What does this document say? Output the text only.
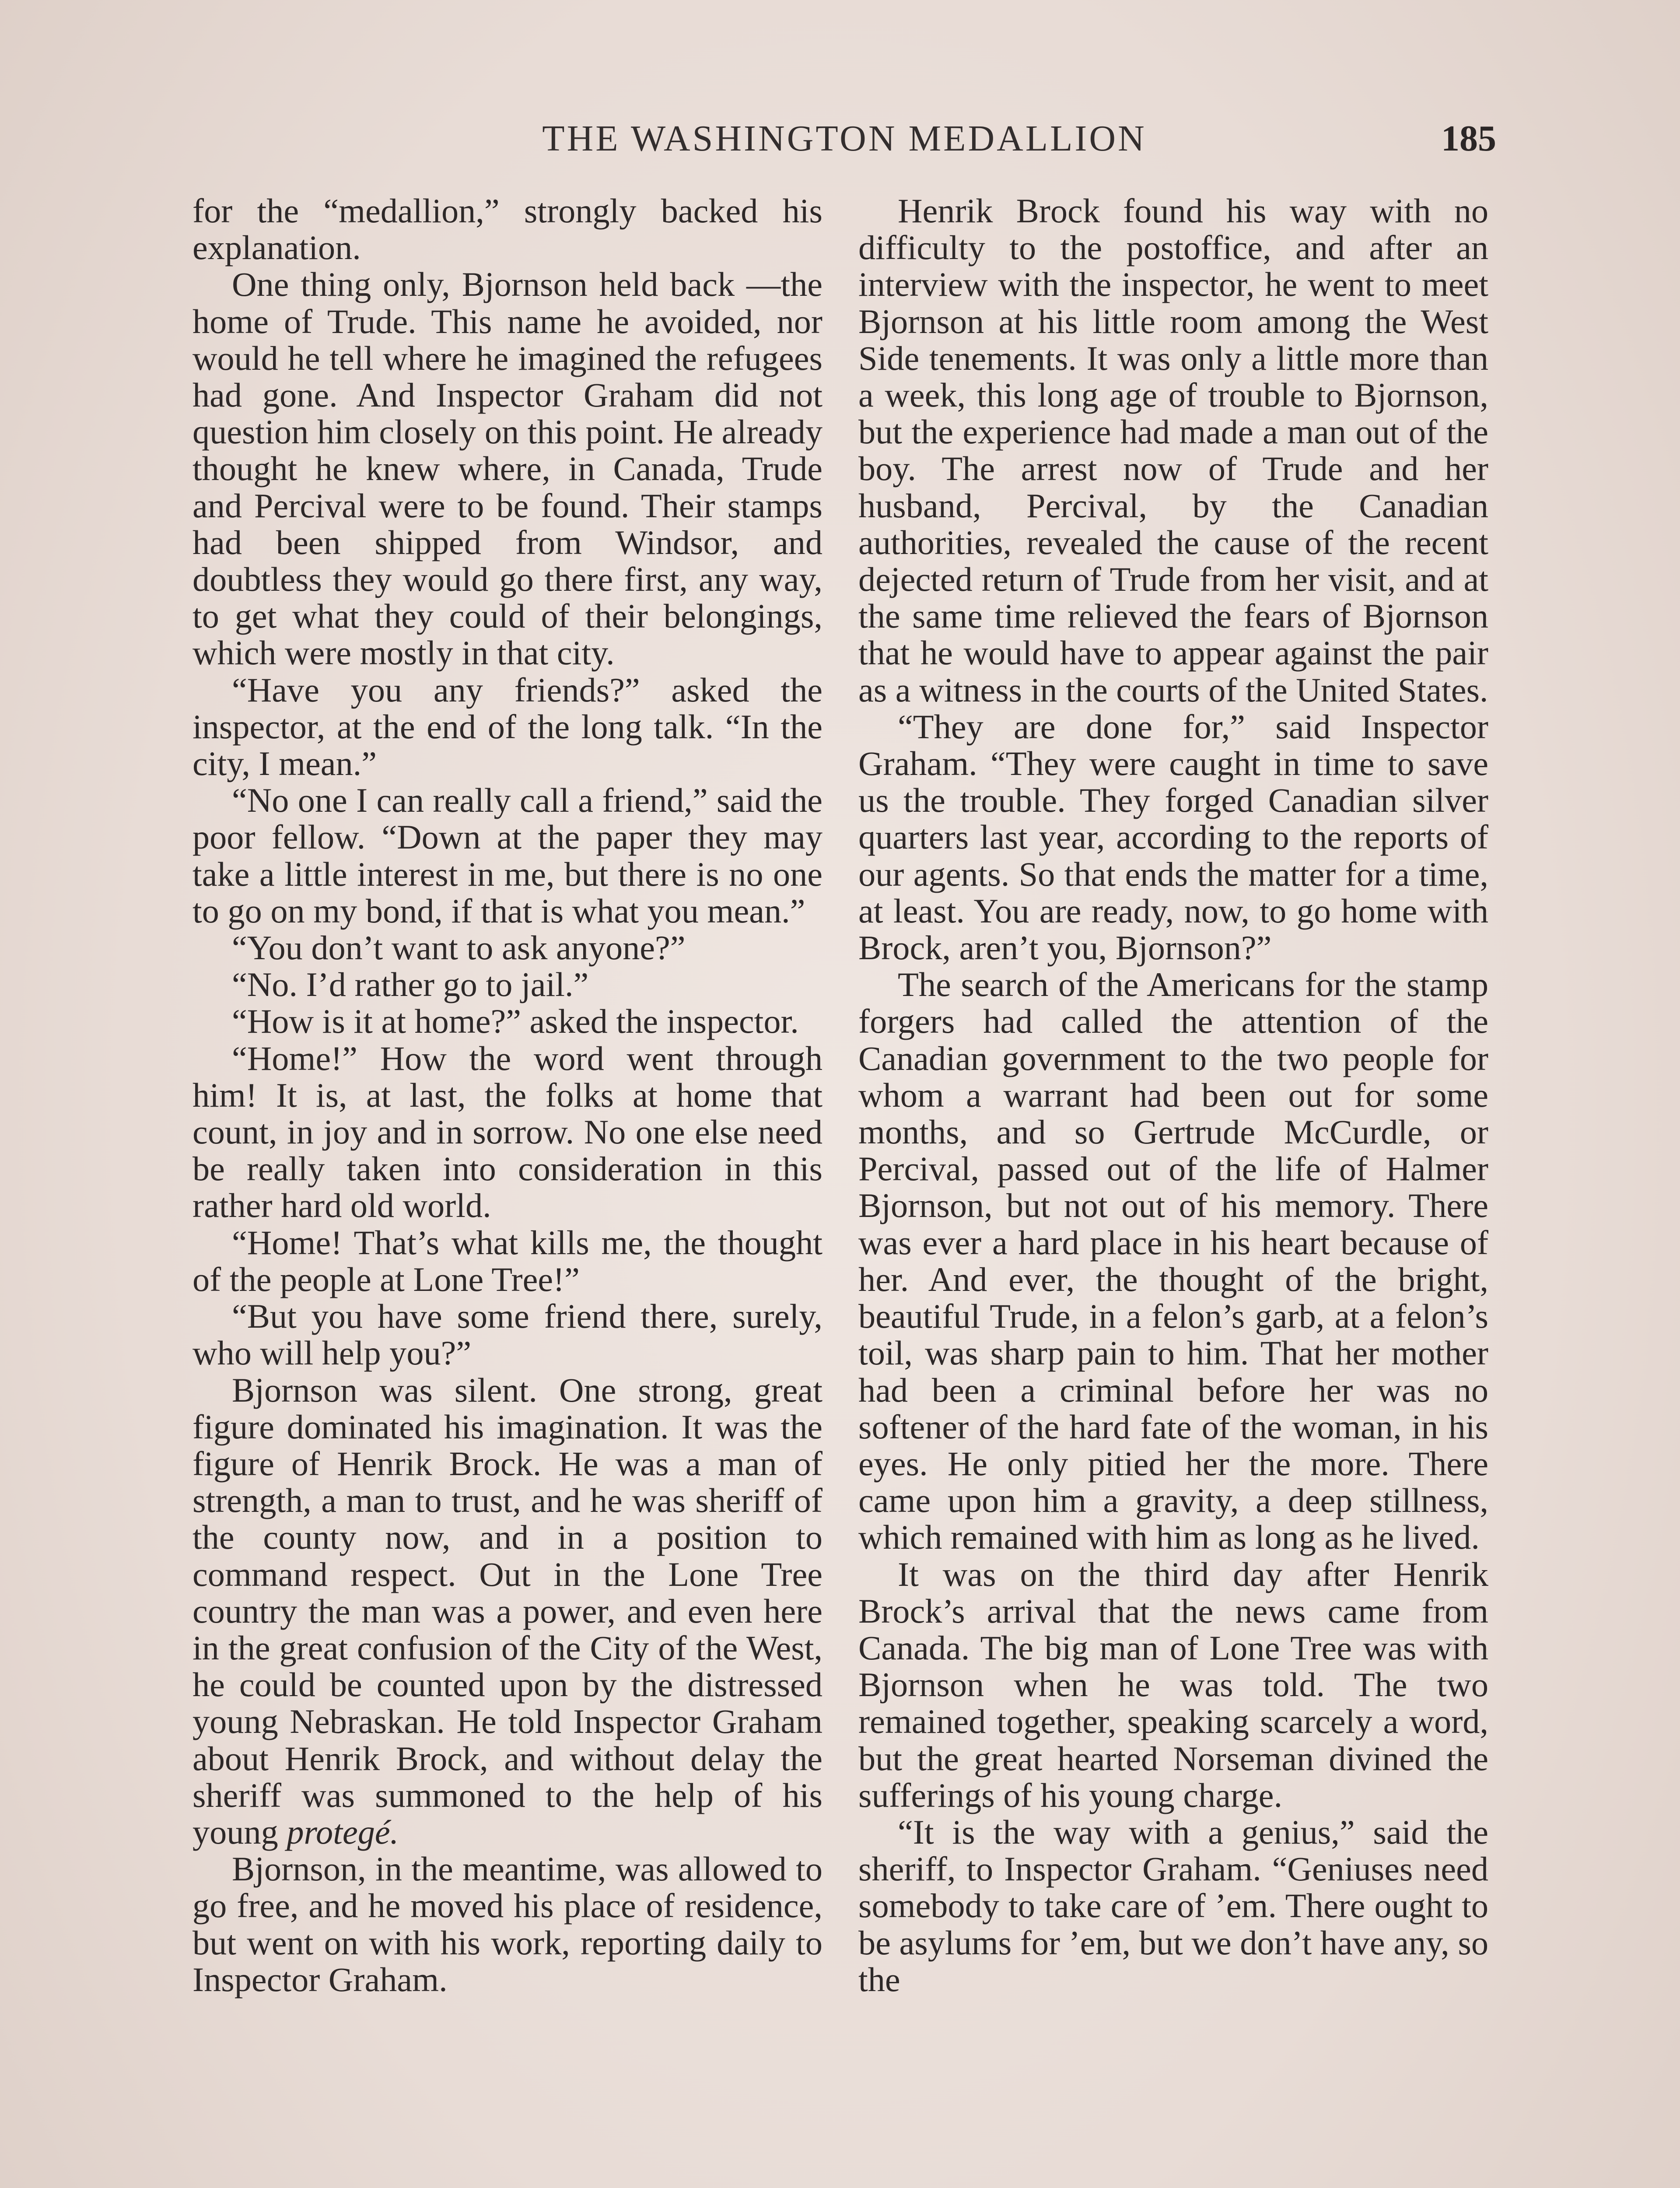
THE WASHINGTON MEDALLION	185

for the “medallion,” strongly backed his explanation.

One thing only, Bjornson held back —the home of Trude. This name he avoided, nor would he tell where he imagined the refugees had gone. And Inspector Graham did not question him closely on this point. He already thought he knew where, in Canada, Trude and Percival were to be found. Their stamps had been shipped from Windsor, and doubtless they would go there first, any way, to get what they could of their belongings, which were mostly in that city.

“Have you any friends?” asked the inspector, at the end of the long talk. “In the city, I mean.”

“No one I can really call a friend,” said the poor fellow. “Down at the paper they may take a little interest in me, but there is no one to go on my bond, if that is what you mean.”

“You don’t want to ask anyone?”

“No. I’d rather go to jail.”

“How is it at home?” asked the inspector.

“Home!” How the word went through him! It is, at last, the folks at home that count, in joy and in sorrow. No one else need be really taken into consideration in this rather hard old world.

“Home! That’s what kills me, the thought of the people at Lone Tree!”

“But you have some friend there, surely, who will help you?”

Bjornson was silent. One strong, great figure dominated his imagination. It was the figure of Henrik Brock. He was a man of strength, a man to trust, and he was sheriff of the county now, and in a position to command respect. Out in the Lone Tree country the man was a power, and even here in the great confusion of the City of the West, he could be counted upon by the distressed young Nebraskan. He told Inspector Graham about Henrik Brock, and without delay the sheriff was summoned to the help of his young protegé.

Bjornson, in the meantime, was allowed to go free, and he moved his place of residence, but went on with his work, reporting daily to Inspector Graham.

Henrik Brock found his way with no difficulty to the postoffice, and after an interview with the inspector, he went to meet Bjornson at his little room among the West Side tenements. It was only a little more than a week, this long age of trouble to Bjornson, but the experience had made a man out of the boy. The arrest now of Trude and her husband, Percival, by the Canadian authorities, revealed the cause of the recent dejected return of Trude from her visit, and at the same time relieved the fears of Bjornson that he would have to appear against the pair as a witness in the courts of the United States.

“They are done for,” said Inspector Graham. “They were caught in time to save us the trouble. They forged Canadian silver quarters last year, according to the reports of our agents. So that ends the matter for a time, at least. You are ready, now, to go home with Brock, aren’t you, Bjornson?”

The search of the Americans for the stamp forgers had called the attention of the Canadian government to the two people for whom a warrant had been out for some months, and so Gertrude McCurdle, or Percival, passed out of the life of Halmer Bjornson, but not out of his memory. There was ever a hard place in his heart because of her. And ever, the thought of the bright, beautiful Trude, in a felon’s garb, at a felon’s toil, was sharp pain to him. That her mother had been a criminal before her was no softener of the hard fate of the woman, in his eyes. He only pitied her the more. There came upon him a gravity, a deep stillness, which remained with him as long as he lived.

It was on the third day after Henrik Brock’s arrival that the news came from Canada. The big man of Lone Tree was with Bjornson when he was told. The two remained together, speaking scarcely a word, but the great hearted Norseman divined the sufferings of his young charge.

“It is the way with a genius,” said the sheriff, to Inspector Graham. “Geniuses need somebody to take care of ’em. There ought to be asylums for ’em, but we don’t have any, so the
